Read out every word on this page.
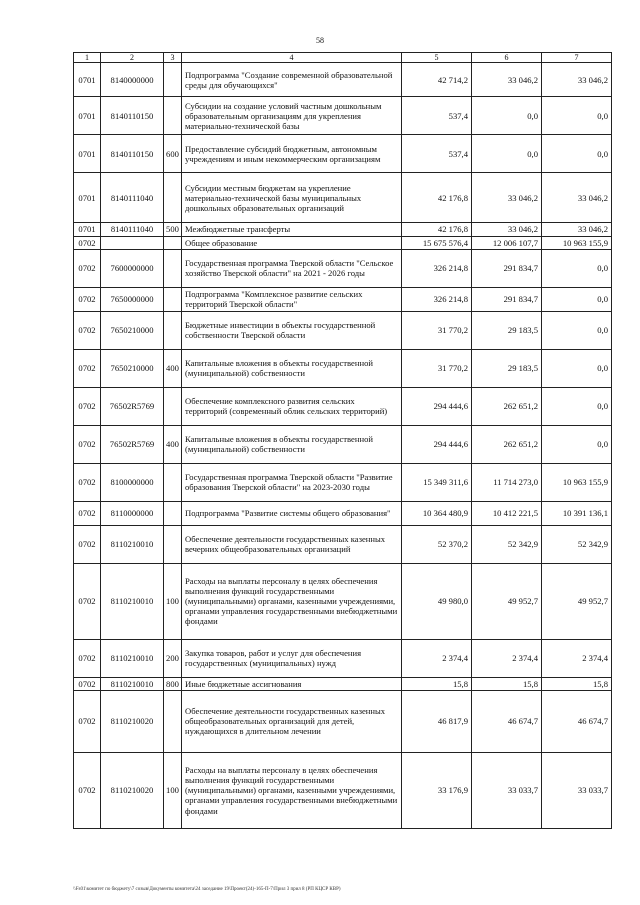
58
1	2	3	4	5	6	7
0701	8140000000		Подпрограмма "Создание современной образовательной среды для обучающихся"	42 714,2	33 046,2	33 046,2
0701	8140110150		Субсидии на создание условий частным дошкольным образовательным организациям для укрепления материально-технической базы	537,4	0,0	0,0
0701	8140110150	600	Предоставление субсидий бюджетным, автономным учреждениям и иным некоммерческим организациям	537,4	0,0	0,0
0701	8140111040		Субсидии местным бюджетам на укрепление материально-технической базы муниципальных дошкольных образовательных организаций	42 176,8	33 046,2	33 046,2
0701	8140111040	500	Межбюджетные трансферты	42 176,8	33 046,2	33 046,2
0702			Общее образование	15 675 576,4	12 006 107,7	10 963 155,9
0702	7600000000		Государственная программа Тверской области "Сельское хозяйство Тверской области" на 2021 - 2026 годы	326 214,8	291 834,7	0,0
0702	7650000000		Подпрограмма "Комплексное развитие сельских территорий Тверской области"	326 214,8	291 834,7	0,0
0702	7650210000		Бюджетные инвестиции в объекты государственной собственности Тверской области	31 770,2	29 183,5	0,0
0702	7650210000	400	Капитальные вложения в объекты государственной (муниципальной) собственности	31 770,2	29 183,5	0,0
0702	76502R5769		Обеспечение комплексного развития сельских территорий (современный облик сельских территорий)	294 444,6	262 651,2	0,0
0702	76502R5769	400	Капитальные вложения в объекты государственной (муниципальной) собственности	294 444,6	262 651,2	0,0
0702	8100000000		Государственная программа Тверской области "Развитие образования Тверской области" на 2023-2030 годы	15 349 311,6	11 714 273,0	10 963 155,9
0702	8110000000		Подпрограмма "Развитие системы общего образования"	10 364 480,9	10 412 221,5	10 391 136,1
0702	8110210010		Обеспечение деятельности государственных казенных вечерних общеобразовательных организаций	52 370,2	52 342,9	52 342,9
0702	8110210010	100	Расходы на выплаты персоналу в целях обеспечения выполнения функций государственными (муниципальными) органами, казенными учреждениями, органами управления государственными внебюджетными фондами	49 980,0	49 952,7	49 952,7
0702	8110210010	200	Закупка товаров, работ и услуг для обеспечения государственных (муниципальных) нужд	2 374,4	2 374,4	2 374,4
0702	8110210010	800	Иные бюджетные ассигнования	15,8	15,8	15,8
0702	8110210020		Обеспечение деятельности государственных казенных общеобразовательных организаций для детей, нуждающихся в длительном лечении	46 817,9	46 674,7	46 674,7
0702	8110210020	100	Расходы на выплаты персоналу в целях обеспечения выполнения функций государственными (муниципальными) органами, казенными учреждениями, органами управления государственными внебюджетными фондами	33 176,9	33 033,7	33 033,7
\\Fs01\комитет по бюджету\7 созыв\Документы комитета\24 заседание 19\Проект(24)-165-П-7\Прил 3 прил 8 (РП КЦСР КВР)
